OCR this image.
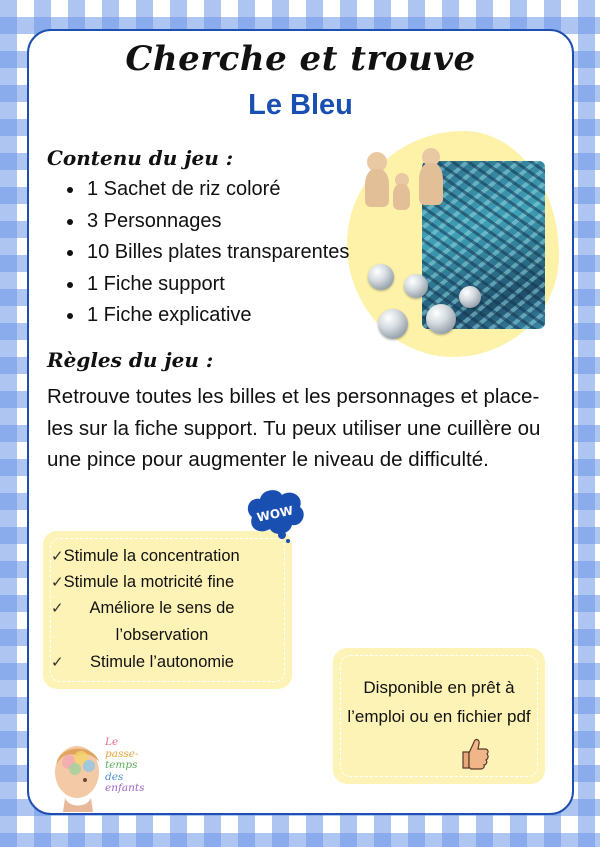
Cherche et trouve
Le Bleu
Contenu du jeu :
• 1 Sachet de riz coloré
• 3 Personnages
• 10 Billes plates transparentes
• 1 Fiche support
• 1 Fiche explicative
Règles du jeu :

Retrouve toutes les billes et les personnages et place-les sur la fiche support. Tu peux utiliser une cuillère ou une pince pour augmenter le niveau de difficulté.

✓Stimule la concentration
✓Stimule la motricité fine
✓	Améliore le sens de l’observation
✓	Stimule l’autonomie
WOW
Disponible en prêt à l’emploi ou en fichier pdf
Le
passe-
temps
des
enfants
